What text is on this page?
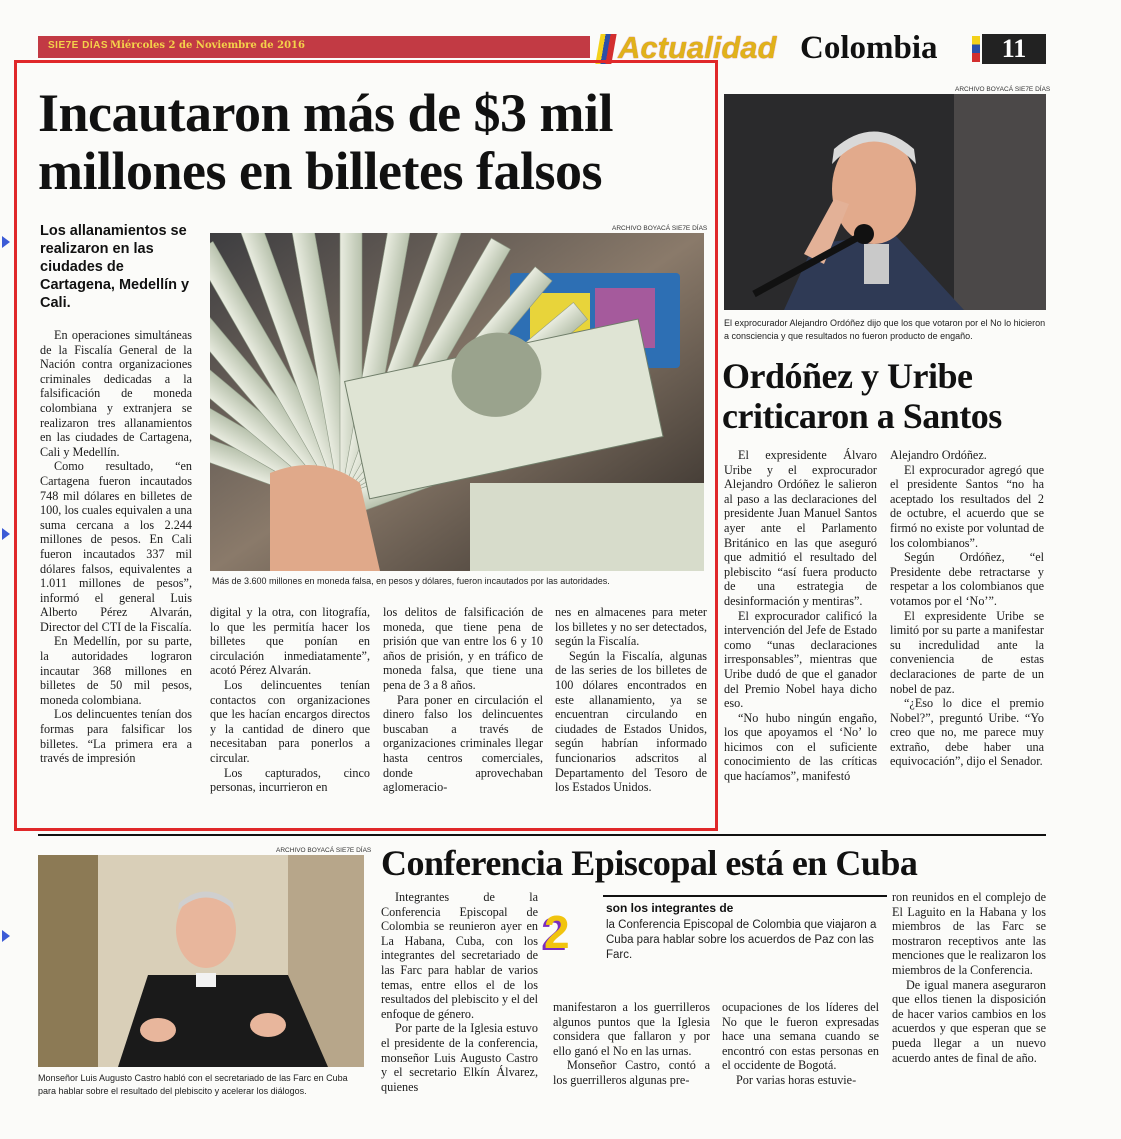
SIE7E DÍAS Miércoles 2 de Noviembre de 2016	Actualidad Colombia	11
Incautaron más de $3 mil millones en billetes falsos
Los allanamientos se realizaron en las ciudades de Cartagena, Medellín y Cali.
ARCHIVO BOYACÁ SIE7E DÍAS
Más de 3.600 millones en moneda falsa, en pesos y dólares, fueron incautados por las autoridades.

En operaciones simultáneas de la Fiscalía General de la Nación contra organizaciones criminales dedicadas a la falsificación de moneda colombiana y extranjera se realizaron tres allanamientos en las ciudades de Cartagena, Cali y Medellín.

Como resultado, “en Cartagena fueron incautados 748 mil dólares en billetes de 100, los cuales equivalen a una suma cercana a los 2.244 millones de pesos. En Cali fueron incautados 337 mil dólares falsos, equivalentes a 1.011 millones de pesos”, informó el general Luis Alberto Pérez Alvarán, Director del CTI de la Fiscalía.

En Medellín, por su parte, la autoridades lograron incautar 368 millones en billetes de 50 mil pesos, moneda colombiana.

Los delincuentes tenían dos formas para falsificar los billetes. “La primera era a través de impresión

digital y la otra, con litografía, lo que les permitía hacer los billetes que ponían en circulación inmediatamente”, acotó Pérez Alvarán.

Los delincuentes tenían contactos con organizaciones que les hacían encargos directos y la cantidad de dinero que necesitaban para ponerlos a circular.

Los capturados, cinco personas, incurrieron en

los delitos de falsificación de moneda, que tiene pena de prisión que van entre los 6 y 10 años de prisión, y en tráfico de moneda falsa, que tiene una pena de 3 a 8 años.

Para poner en circulación el dinero falso los delincuentes buscaban a través de organizaciones criminales llegar hasta centros comerciales, donde aprovechaban aglomeracio-

nes en almacenes para meter los billetes y no ser detectados, según la Fiscalía.

Según la Fiscalía, algunas de las series de los billetes de 100 dólares encontrados en este allanamiento, ya se encuentran circulando en ciudades de Estados Unidos, según habrían informado funcionarios adscritos al Departamento del Tesoro de los Estados Unidos.

ARCHIVO BOYACÁ SIE7E DÍAS
El exprocurador Alejandro Ordóñez dijo que los que votaron por el No lo hicieron a consciencia y que resultados no fueron producto de engaño.
Ordóñez y Uribe criticaron a Santos

El expresidente Álvaro Uribe y el exprocurador Alejandro Ordóñez le salieron al paso a las declaraciones del presidente Juan Manuel Santos ayer ante el Parlamento Británico en las que aseguró que admitió el resultado del plebiscito “así fuera producto de una estrategia de desinformación y mentiras”.

El exprocurador calificó la intervención del Jefe de Estado como “unas declaraciones irresponsables”, mientras que Uribe dudó de que el ganador del Premio Nobel haya dicho eso.

“No hubo ningún engaño, los que apoyamos el ‘No’ lo hicimos con el suficiente conocimiento de las críticas que hacíamos”, manifestó

Alejandro Ordóñez.

El exprocurador agregó que el presidente Santos “no ha aceptado los resultados del 2 de octubre, el acuerdo que se firmó no existe por voluntad de los colombianos”.

Según Ordóñez, “el Presidente debe retractarse y respetar a los colombianos que votamos por el ‘No’”.

El expresidente Uribe se limitó por su parte a manifestar su incredulidad ante la conveniencia de estas declaraciones de parte de un nobel de paz.

“¿Eso lo dice el premio Nobel?”, preguntó Uribe. “Yo creo que no, me parece muy extraño, debe haber una equivocación”, dijo el Senador.

ARCHIVO BOYACÁ SIE7E DÍAS
Monseñor Luis Augusto Castro habló con el secretariado de las Farc en Cuba para hablar sobre el resultado del plebiscito y acelerar los diálogos.
Conferencia Episcopal está en Cuba

Integrantes de la Conferencia Episcopal de Colombia se reunieron ayer en La Habana, Cuba, con los integrantes del secretariado de las Farc para hablar de varios temas, entre ellos el de los resultados del plebiscito y el del enfoque de género.

Por parte de la Iglesia estuvo el presidente de la conferencia, monseñor Luis Augusto Castro y el secretario Elkín Álvarez, quienes

2	son los integrantes de
la Conferencia Episcopal de Colombia que viajaron a Cuba para hablar sobre los acuerdos de Paz con las Farc.

manifestaron a los guerrilleros algunos puntos que la Iglesia considera que fallaron y por ello ganó el No en las urnas.

Monseñor Castro, contó a los guerrilleros algunas pre-

ocupaciones de los líderes del No que le fueron expresadas hace una semana cuando se encontró con estas personas en el occidente de Bogotá.

Por varias horas estuvie-

ron reunidos en el complejo de El Laguito en la Habana y los miembros de las Farc se mostraron receptivos ante las menciones que le realizaron los miembros de la Conferencia.

De igual manera aseguraron que ellos tienen la disposición de hacer varios cambios en los acuerdos y que esperan que se pueda llegar a un nuevo acuerdo antes de final de año.
